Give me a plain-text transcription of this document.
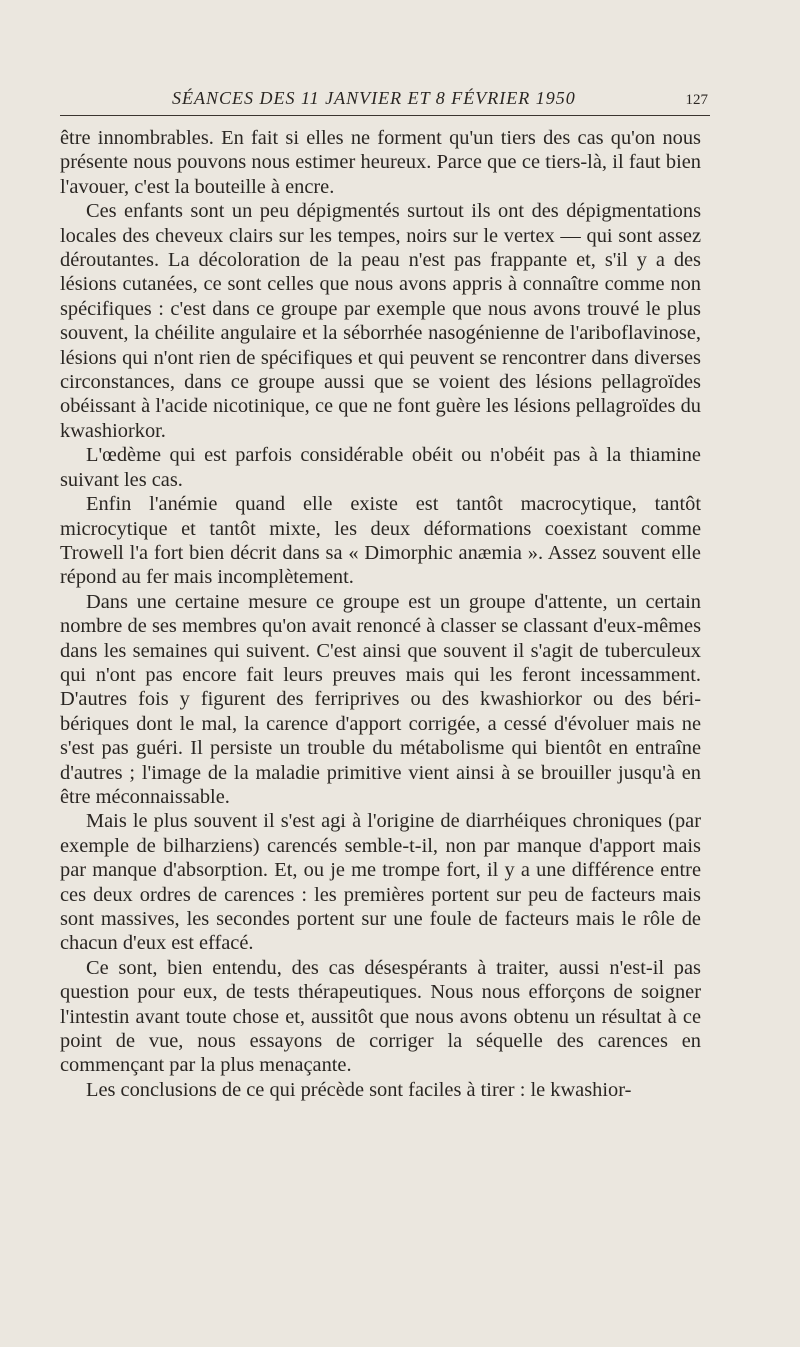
SÉANCES DES 11 JANVIER ET 8 FÉVRIER 1950	127

être innombrables. En fait si elles ne forment qu'un tiers des cas qu'on nous présente nous pouvons nous estimer heureux. Parce que ce tiers-là, il faut bien l'avouer, c'est la bouteille à encre.

Ces enfants sont un peu dépigmentés surtout ils ont des dépigmentations locales des cheveux clairs sur les tempes, noirs sur le vertex — qui sont assez déroutantes. La décoloration de la peau n'est pas frappante et, s'il y a des lésions cutanées, ce sont celles que nous avons appris à connaître comme non spécifiques : c'est dans ce groupe par exemple que nous avons trouvé le plus souvent, la chéilite angulaire et la séborrhée nasogénienne de l'ariboflavinose, lésions qui n'ont rien de spécifiques et qui peuvent se rencontrer dans diverses circonstances, dans ce groupe aussi que se voient des lésions pellagroïdes obéissant à l'acide nicotinique, ce que ne font guère les lésions pellagroïdes du kwashiorkor.

L'œdème qui est parfois considérable obéit ou n'obéit pas à la thiamine suivant les cas.

Enfin l'anémie quand elle existe est tantôt macrocytique, tantôt microcytique et tantôt mixte, les deux déformations coexistant comme Trowell l'a fort bien décrit dans sa « Dimorphic anæmia ». Assez souvent elle répond au fer mais incomplètement.

Dans une certaine mesure ce groupe est un groupe d'attente, un certain nombre de ses membres qu'on avait renoncé à classer se classant d'eux-mêmes dans les semaines qui suivent. C'est ainsi que souvent il s'agit de tuberculeux qui n'ont pas encore fait leurs preuves mais qui les feront incessamment. D'autres fois y figurent des ferriprives ou des kwashiorkor ou des béri-bériques dont le mal, la carence d'apport corrigée, a cessé d'évoluer mais ne s'est pas guéri. Il persiste un trouble du métabolisme qui bientôt en entraîne d'autres ; l'image de la maladie primitive vient ainsi à se brouiller jusqu'à en être méconnaissable.

Mais le plus souvent il s'est agi à l'origine de diarrhéiques chroniques (par exemple de bilharziens) carencés semble-t-il, non par manque d'apport mais par manque d'absorption. Et, ou je me trompe fort, il y a une différence entre ces deux ordres de carences : les premières portent sur peu de facteurs mais sont massives, les secondes portent sur une foule de facteurs mais le rôle de chacun d'eux est effacé.

Ce sont, bien entendu, des cas désespérants à traiter, aussi n'est-il pas question pour eux, de tests thérapeutiques. Nous nous efforçons de soigner l'intestin avant toute chose et, aussitôt que nous avons obtenu un résultat à ce point de vue, nous essayons de corriger la séquelle des carences en commençant par la plus menaçante.

Les conclusions de ce qui précède sont faciles à tirer : le kwashior-
